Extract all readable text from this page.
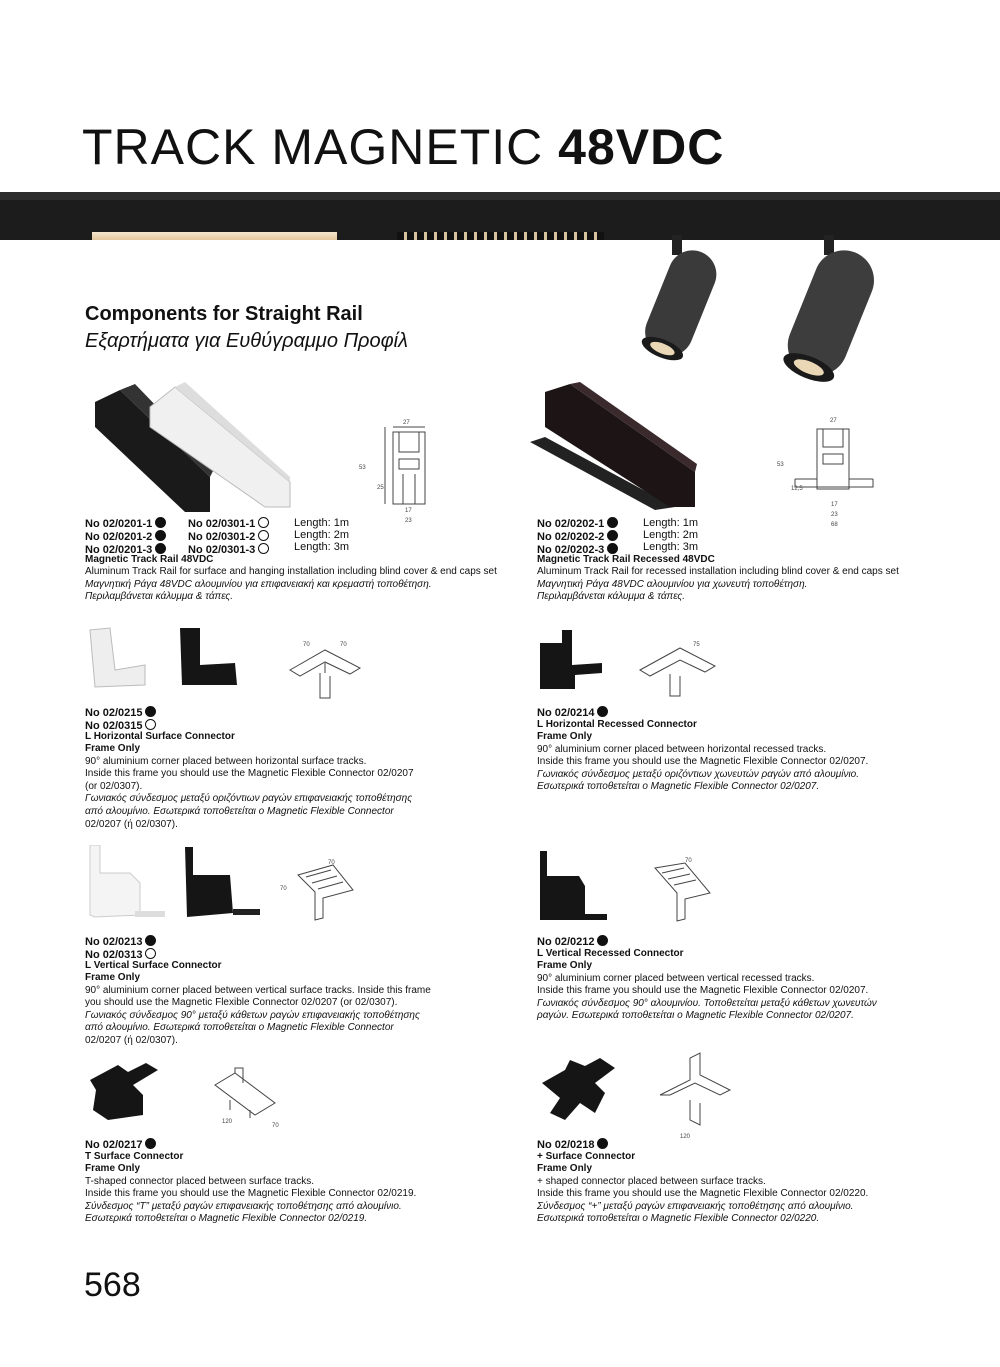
TRACK MAGNETIC 48VDC
Components for Straight Rail
Εξαρτήματα για Ευθύγραμμο Προφίλ
27
53
25
17
23
No 02/0201-1
No 02/0201-2
No 02/0201-3
No 02/0301-1
No 02/0301-2
No 02/0301-3
Length: 1m
Length: 2m
Length: 3m
Magnetic Track Rail 48VDC
Aluminum Track Rail for surface and hanging installation including blind cover & end caps set
Μαγνητική Ράγα 48VDC αλουμινίου για επιφανειακή και κρεμαστή τοποθέτηση.
Περιλαμβάνεται κάλυμμα & τάπες.
27
53
12,5
17
23
68
No 02/0202-1
No 02/0202-2
No 02/0202-3
Length: 1m
Length: 2m
Length: 3m
Magnetic Track Rail Recessed 48VDC
Aluminum Track Rail for recessed installation including blind cover & end caps set
Μαγνητική Ράγα 48VDC αλουμινίου για χωνευτή τοποθέτηση.
Περιλαμβάνεται κάλυμμα & τάπες.
70	70
No 02/0215
No 02/0315
L Horizontal Surface Connector
Frame Only
90° aluminium corner placed between horizontal surface tracks.
Inside this frame you should use the Magnetic Flexible Connector 02/0207
(or 02/0307).
Γωνιακός σύνδεσμος μεταξύ οριζόντιων ραγών επιφανειακής τοποθέτησης
από αλουμίνιο. Εσωτερικά τοποθετείται ο Magnetic Flexible Connector
02/0207 (ή 02/0307).
75
No 02/0214
L Horizontal Recessed Connector
Frame Only
90° aluminium corner placed between horizontal recessed tracks.
Inside this frame you should use the Magnetic Flexible Connector 02/0207.
Γωνιακός σύνδεσμος μεταξύ οριζόντιων χωνευτών ραγών από αλουμίνιο.
Εσωτερικά τοποθετείται ο Magnetic Flexible Connector 02/0207.
70
70
No 02/0213
No 02/0313
L Vertical Surface Connector
Frame Only
90° aluminium corner placed between vertical surface tracks. Inside this frame
you should use the Magnetic Flexible Connector 02/0207 (or 02/0307).
Γωνιακός σύνδεσμος 90° μεταξύ κάθετων ραγών επιφανειακής τοποθέτησης
από αλουμίνιο. Εσωτερικά τοποθετείται ο Magnetic Flexible Connector
02/0207 (ή 02/0307).
70
No 02/0212
L Vertical Recessed Connector
Frame Only
90° aluminium corner placed between vertical recessed tracks.
Inside this frame you should use the Magnetic Flexible Connector 02/0207.
Γωνιακός σύνδεσμος 90° αλουμινίου. Τοποθετείται μεταξύ κάθετων χωνευτών
ραγών. Εσωτερικά τοποθετείται ο Magnetic Flexible Connector 02/0207.
120
70
No 02/0217
T Surface Connector
Frame Only
T-shaped connector placed between surface tracks.
Inside this frame you should use the Magnetic Flexible Connector 02/0219.
Σύνδεσμος “T” μεταξύ ραγών επιφανειακής τοποθέτησης από αλουμίνιο.
Εσωτερικά τοποθετείται ο Magnetic Flexible Connector 02/0219.
120
No 02/0218
+ Surface Connector
Frame Only
+ shaped connector placed between surface tracks.
Inside this frame you should use the Magnetic Flexible Connector 02/0220.
Σύνδεσμος “+” μεταξύ ραγών επιφανειακής τοποθέτησης από αλουμίνιο.
Εσωτερικά τοποθετείται ο Magnetic Flexible Connector 02/0220.
568
